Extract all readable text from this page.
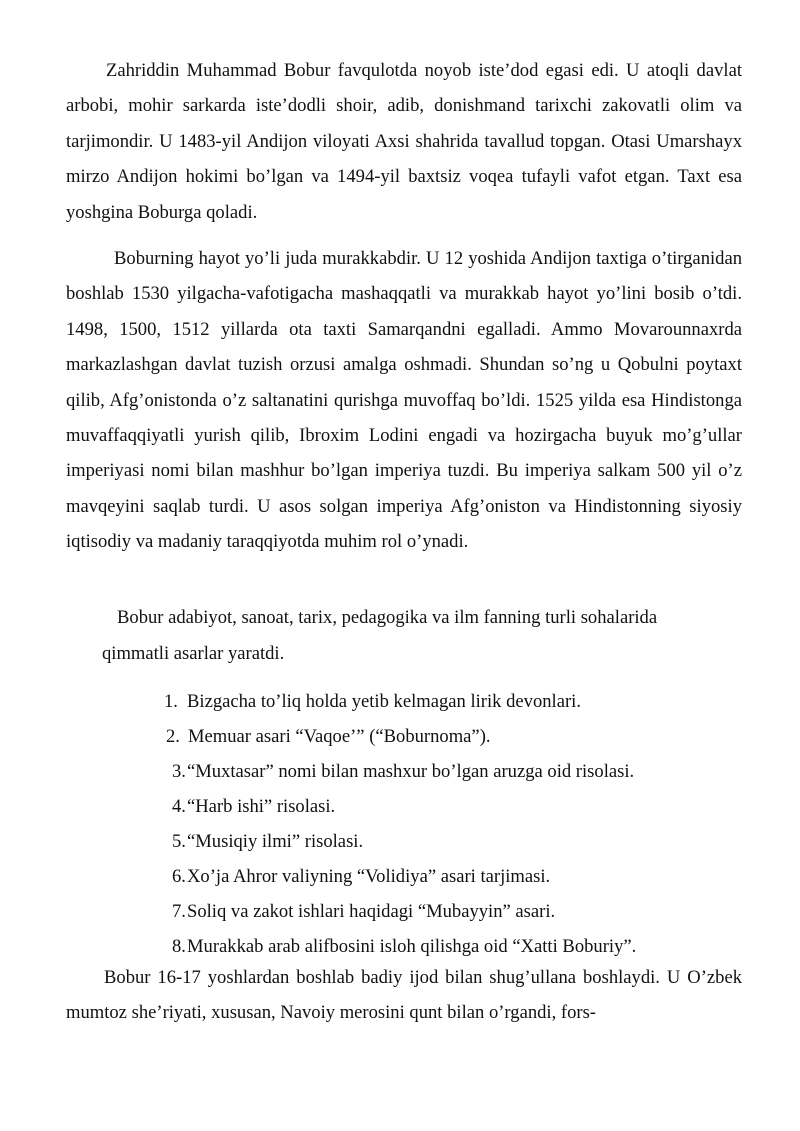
Zahriddin Muhammad Bobur favqulotda noyob iste’dod egasi edi. U atoqli davlat arbobi, mohir sarkarda iste’dodli shoir, adib, donishmand tarixchi zakovatli olim va tarjimondir. U 1483-yil Andijon viloyati Axsi shahrida tavallud topgan. Otasi Umarshayx mirzo Andijon hokimi bo’lgan va 1494-yil baxtsiz voqea tufayli vafot etgan. Taxt esa yoshgina Boburga qoladi.

Boburning hayot yo’li juda murakkabdir. U 12 yoshida Andijon taxtiga o’tirganidan boshlab 1530 yilgacha-vafotigacha mashaqqatli va murakkab hayot yo’lini bosib o’tdi. 1498, 1500, 1512 yillarda ota taxti Samarqandni egalladi. Ammo Movarounnaxrda markazlashgan davlat tuzish orzusi amalga oshmadi. Shundan so’ng u Qobulni poytaxt qilib, Afg’onistonda o’z saltanatini qurishga muvoffaq bo’ldi. 1525 yilda esa Hindistonga muvaffaqqiyatli yurish qilib, Ibroxim Lodini engadi va hozirgacha buyuk mo’g’ullar imperiyasi nomi bilan mashhur bo’lgan imperiya tuzdi. Bu imperiya salkam 500 yil o’z mavqeyini saqlab turdi. U asos solgan imperiya Afg’oniston va Hindistonning siyosiy iqtisodiy va madaniy taraqqiyotda muhim rol o’ynadi.

Bobur adabiyot, sanoat, tarix, pedagogika va ilm fanning turli sohalarida

qimmatli asarlar yaratdi.

1. Bizgacha to’liq holda yetib kelmagan lirik devonlari.
2. Memuar asari “Vaqoe’” (“Boburnoma”).
3.“Muxtasar” nomi bilan mashxur bo’lgan aruzga oid risolasi.
4.“Harb ishi” risolasi.
5.“Musiqiy ilmi” risolasi.
6.Xo’ja Ahror valiyning “Volidiya” asari tarjimasi.
7.Soliq va zakot ishlari haqidagi “Mubayyin” asari.
8.Murakkab arab alifbosini isloh qilishga oid “Xatti Boburiy”.

Bobur 16-17 yoshlardan boshlab badiy ijod bilan shug’ullana boshlaydi. U O’zbek mumtoz she’riyati, xususan, Navoiy merosini qunt bilan o’rgandi, fors-
